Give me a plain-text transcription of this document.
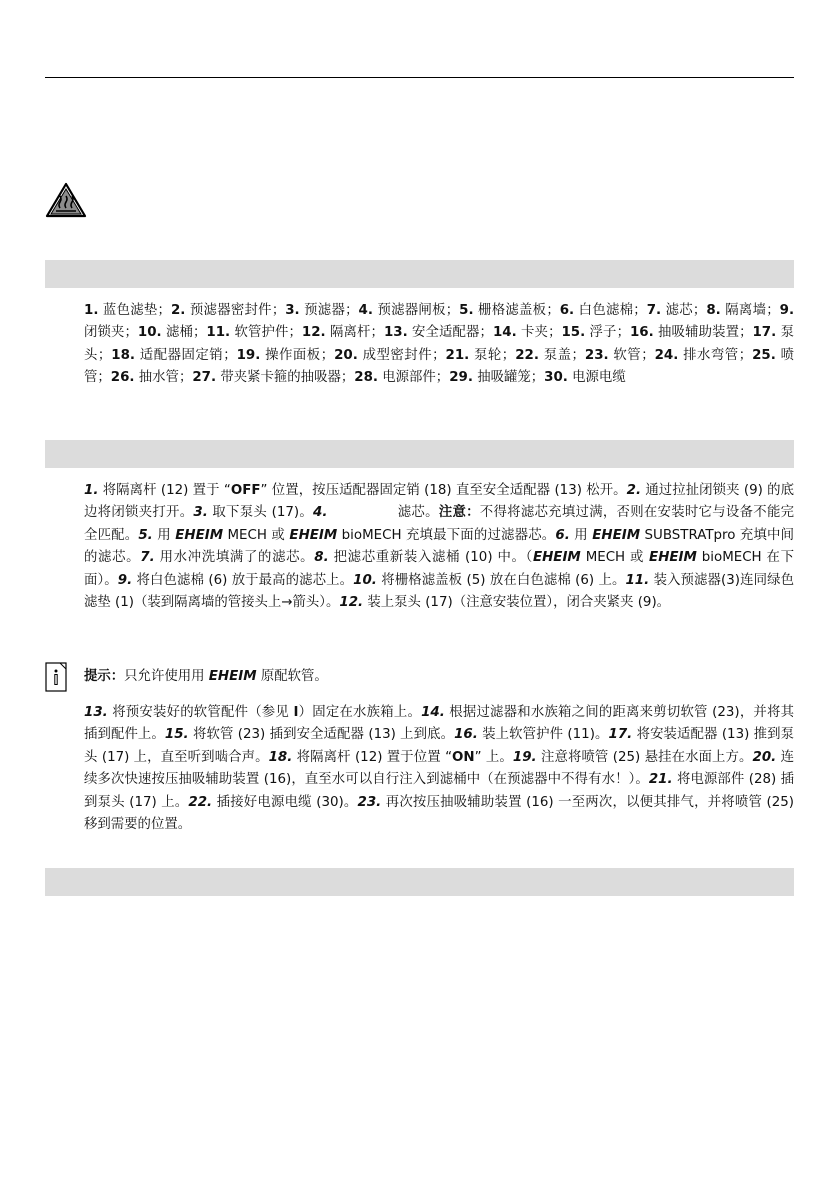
1. 蓝色滤垫；2. 预滤器密封件；3. 预滤器；4. 预滤器闸板；5. 栅格滤盖板；6. 白色滤棉；7. 滤芯；8. 隔离墙；9. 闭锁夹；10. 滤桶；11. 软管护件；12. 隔离杆；13. 安全适配器；14. 卡夹；15. 浮子；16. 抽吸辅助装置；17. 泵头；18. 适配器固定销；19. 操作面板；20. 成型密封件；21. 泵轮；22. 泵盖；23. 软管；24. 排水弯管；25. 喷管；26. 抽水管；27. 带夹紧卡箍的抽吸器；28. 电源部件；29. 抽吸罐笼；30. 电源电缆

1. 将隔离杆 (12) 置于 “OFF” 位置，按压适配器固定销 (18) 直至安全适配器 (13) 松开。2. 通过拉扯闭锁夹 (9) 的底边将闭锁夹打开。3. 取下泵头 (17)。4.	滤芯。注意：不得将滤芯充填过满，否则在安装时它与设备不能完全匹配。5. 用 EHEIM MECH 或 EHEIM bioMECH 充填最下面的过滤器芯。6. 用 EHEIM SUBSTRATpro 充填中间的滤芯。7. 用水冲洗填满了的滤芯。8. 把滤芯重新装入滤桶 (10) 中。（EHEIM MECH 或 EHEIM bioMECH 在下面）。9. 将白色滤棉 (6) 放于最高的滤芯上。10. 将栅格滤盖板 (5) 放在白色滤棉 (6) 上。11. 装入预滤器(3)连同绿色滤垫 (1)（装到隔离墙的管接头上→箭头）。12. 装上泵头 (17)（注意安装位置），闭合夹紧夹 (9)。

提示：只允许使用用 EHEIM 原配软管。

13. 将预安装好的软管配件（参见 I）固定在水族箱上。14. 根据过滤器和水族箱之间的距离来剪切软管 (23)，并将其插到配件上。15. 将软管 (23) 插到安全适配器 (13) 上到底。16. 装上软管护件 (11)。17. 将安装适配器 (13) 推到泵头 (17) 上，直至听到啮合声。18. 将隔离杆 (12) 置于位置 “ON” 上。19. 注意将喷管 (25) 悬挂在水面上方。20. 连续多次快速按压抽吸辅助装置 (16)，直至水可以自行注入到滤桶中（在预滤器中不得有水！）。21. 将电源部件 (28) 插到泵头 (17) 上。22. 插接好电源电缆 (30)。23. 再次按压抽吸辅助装置 (16) 一至两次，以便其排气，并将喷管 (25) 移到需要的位置。
